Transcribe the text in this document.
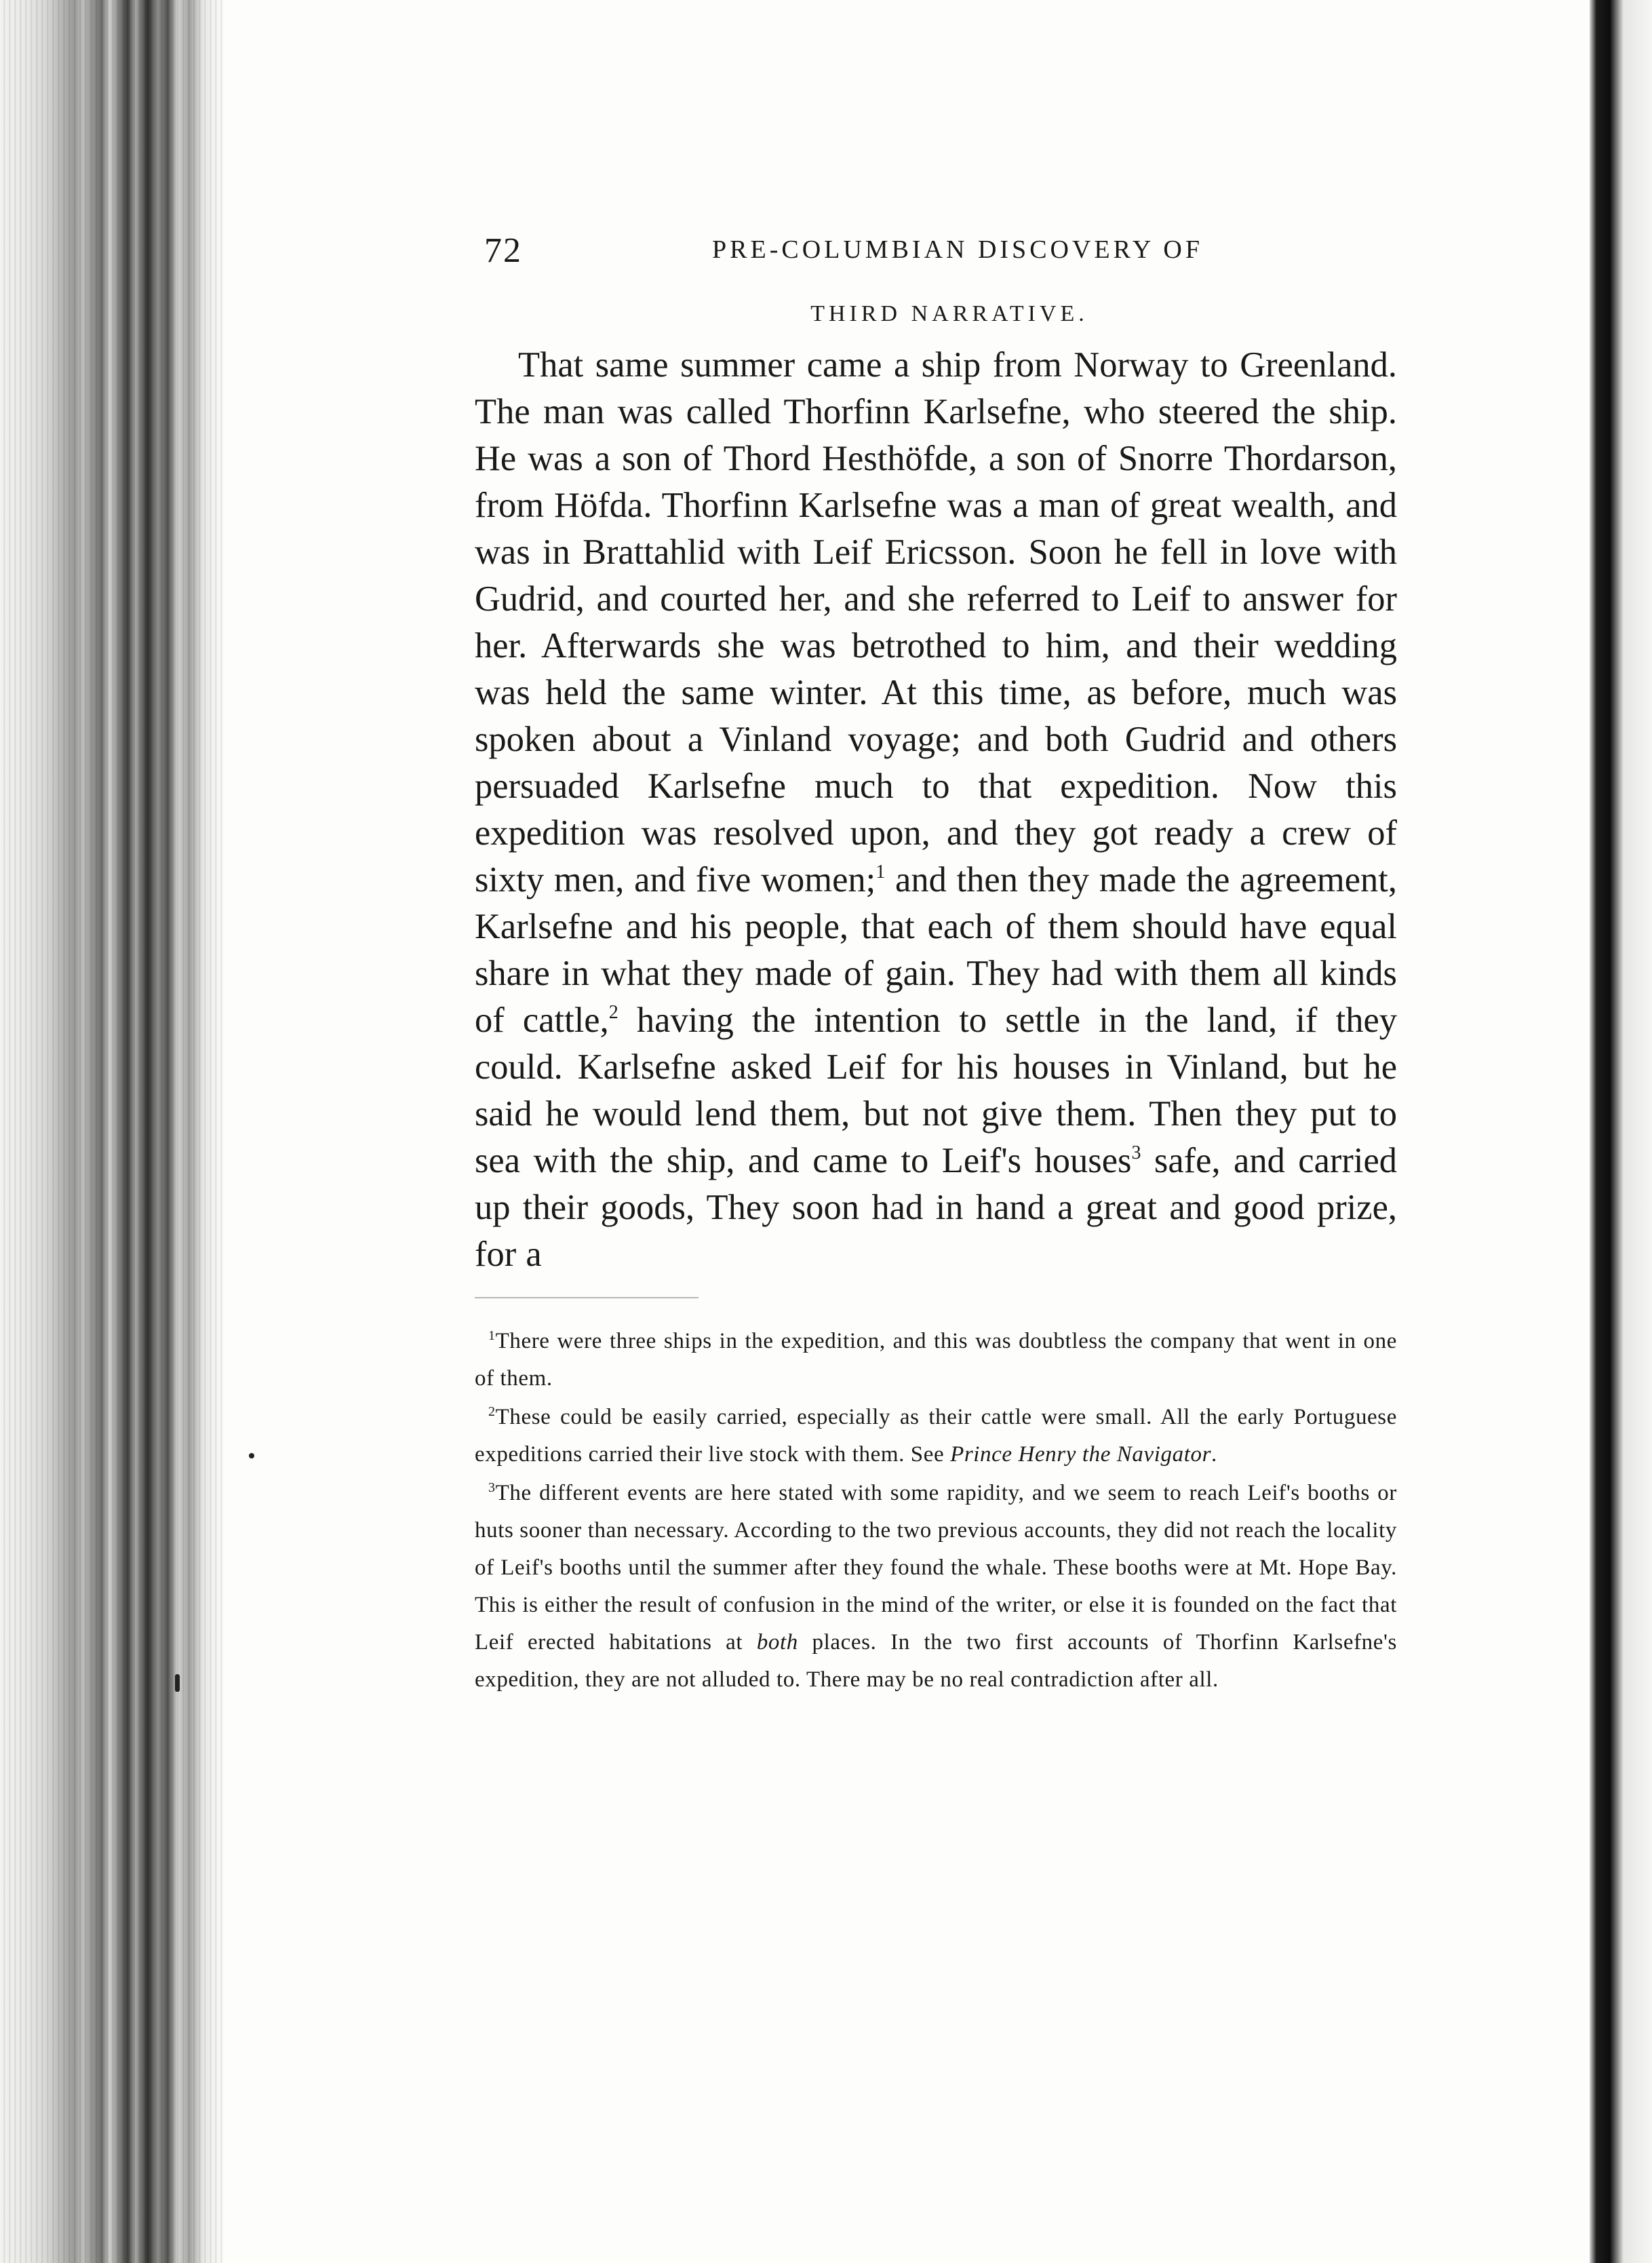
72	PRE-COLUMBIAN DISCOVERY OF
THIRD NARRATIVE.

That same summer came a ship from Norway to Greenland. The man was called Thorfinn Karlsefne, who steered the ship. He was a son of Thord Hesthöfde, a son of Snorre Thordarson, from Höfda. Thorfinn Karlsefne was a man of great wealth, and was in Brattahlid with Leif Ericsson. Soon he fell in love with Gudrid, and courted her, and she referred to Leif to answer for her. Afterwards she was betrothed to him, and their wedding was held the same winter. At this time, as before, much was spoken about a Vinland voyage; and both Gudrid and others persuaded Karlsefne much to that expedition. Now this expedition was resolved upon, and they got ready a crew of sixty men, and five women;$^1$ and then they made the agreement, Karlsefne and his people, that each of them should have equal share in what they made of gain. They had with them all kinds of cattle,$^2$ having the intention to settle in the land, if they could. Karlsefne asked Leif for his houses in Vinland, but he said he would lend them, but not give them. Then they put to sea with the ship, and came to Leif's houses$^3$ safe, and carried up their goods, They soon had in hand a great and good prize, for a

$^1$There were three ships in the expedition, and this was doubtless the company that went in one of them.

$^2$These could be easily carried, especially as their cattle were small. All the early Portuguese expeditions carried their live stock with them. See Prince Henry the Navigator.

$^3$The different events are here stated with some rapidity, and we seem to reach Leif's booths or huts sooner than necessary. According to the two previous accounts, they did not reach the locality of Leif's booths until the summer after they found the whale. These booths were at Mt. Hope Bay. This is either the result of confusion in the mind of the writer, or else it is founded on the fact that Leif erected habitations at both places. In the two first accounts of Thorfinn Karlsefne's expedition, they are not alluded to. There may be no real contradiction after all.
